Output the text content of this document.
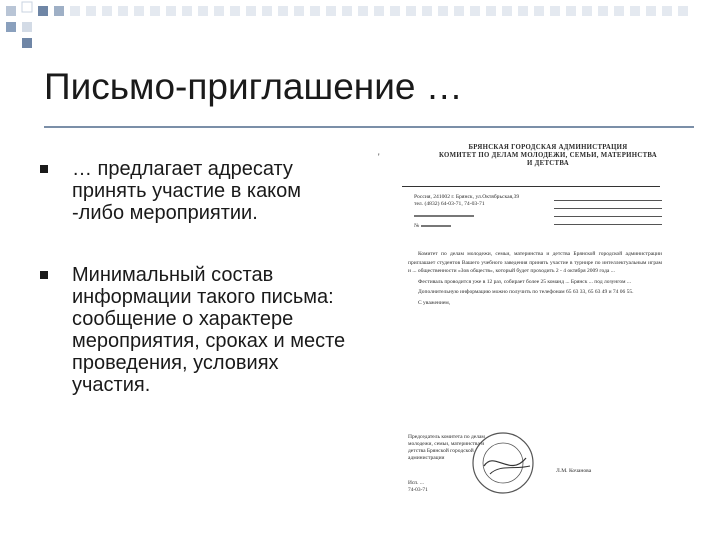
Письмо-приглашение …
… предлагает адресату принять участие в каком -либо мероприятии.
Минимальный состав информации такого письма: сообщение о характере мероприятия, сроках и месте проведения, условиях участия.
'
БРЯНСКАЯ ГОРОДСКАЯ АДМИНИСТРАЦИЯ
КОМИТЕТ ПО ДЕЛАМ МОЛОДЕЖИ, СЕМЬИ, МАТЕРИНСТВА И ДЕТСТВА
Россия, 241002 г. Брянск, ул.Октябрьская,39 тел. (4832) 64-03-71, 74-03-71
№

Комитет по делам молодежи, семьи, материнства и детства Брянской городской администрации приглашает студентов Вашего учебного заведения принять участие в турнире по интеллектуальным играм и ... общественности «Зов обществ», который будет проходить 2 - 4 октября 2009 года ...

Фестиваль проводится уже в 12 раз, собирает более 25 команд ... Брянск ... под лозунгом ...

Дополнительную информацию можно получить по телефонам 65 63 33, 65 63 49 и 74 06 55.

С уважением,

Председатель комитета по делам молодежи, семьи, материнства и детства Брянской городской администрации
Л.М. Кочанова
Исп. ...
74-03-71
